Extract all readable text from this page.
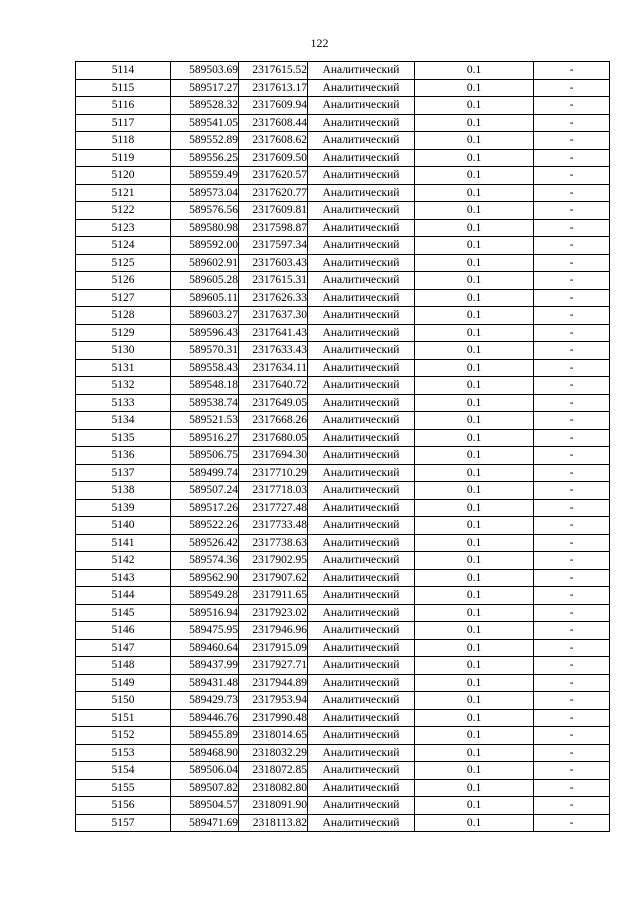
122
5114	589503.69	2317615.52	Аналитический	0.1	-
5115	589517.27	2317613.17	Аналитический	0.1	-
5116	589528.32	2317609.94	Аналитический	0.1	-
5117	589541.05	2317608.44	Аналитический	0.1	-
5118	589552.89	2317608.62	Аналитический	0.1	-
5119	589556.25	2317609.50	Аналитический	0.1	-
5120	589559.49	2317620.57	Аналитический	0.1	-
5121	589573.04	2317620.77	Аналитический	0.1	-
5122	589576.56	2317609.81	Аналитический	0.1	-
5123	589580.98	2317598.87	Аналитический	0.1	-
5124	589592.00	2317597.34	Аналитический	0.1	-
5125	589602.91	2317603.43	Аналитический	0.1	-
5126	589605.28	2317615.31	Аналитический	0.1	-
5127	589605.11	2317626.33	Аналитический	0.1	-
5128	589603.27	2317637.30	Аналитический	0.1	-
5129	589596.43	2317641.43	Аналитический	0.1	-
5130	589570.31	2317633.43	Аналитический	0.1	-
5131	589558.43	2317634.11	Аналитический	0.1	-
5132	589548.18	2317640.72	Аналитический	0.1	-
5133	589538.74	2317649.05	Аналитический	0.1	-
5134	589521.53	2317668.26	Аналитический	0.1	-
5135	589516.27	2317680.05	Аналитический	0.1	-
5136	589506.75	2317694.30	Аналитический	0.1	-
5137	589499.74	2317710.29	Аналитический	0.1	-
5138	589507.24	2317718.03	Аналитический	0.1	-
5139	589517.26	2317727.48	Аналитический	0.1	-
5140	589522.26	2317733.48	Аналитический	0.1	-
5141	589526.42	2317738.63	Аналитический	0.1	-
5142	589574.36	2317902.95	Аналитический	0.1	-
5143	589562.90	2317907.62	Аналитический	0.1	-
5144	589549.28	2317911.65	Аналитический	0.1	-
5145	589516.94	2317923.02	Аналитический	0.1	-
5146	589475.95	2317946.96	Аналитический	0.1	-
5147	589460.64	2317915.09	Аналитический	0.1	-
5148	589437.99	2317927.71	Аналитический	0.1	-
5149	589431.48	2317944.89	Аналитический	0.1	-
5150	589429.73	2317953.94	Аналитический	0.1	-
5151	589446.76	2317990.48	Аналитический	0.1	-
5152	589455.89	2318014.65	Аналитический	0.1	-
5153	589468.90	2318032.29	Аналитический	0.1	-
5154	589506.04	2318072.85	Аналитический	0.1	-
5155	589507.82	2318082.80	Аналитический	0.1	-
5156	589504.57	2318091.90	Аналитический	0.1	-
5157	589471.69	2318113.82	Аналитический	0.1	-
